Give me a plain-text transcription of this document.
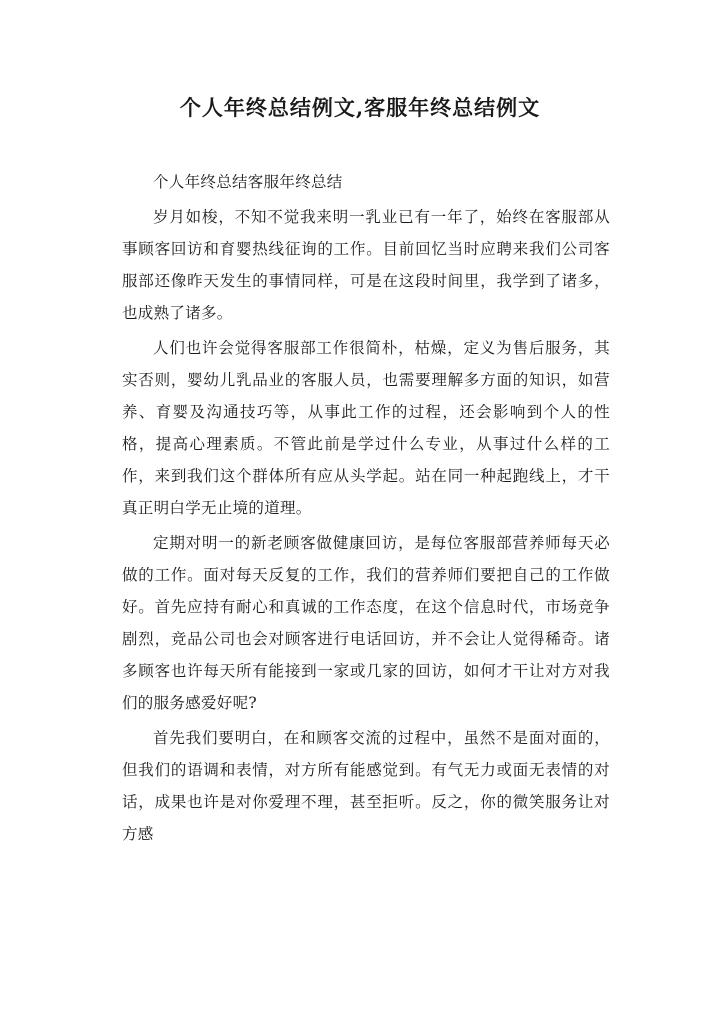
个人年终总结例文,客服年终总结例文

个人年终总结客服年终总结

岁月如梭，不知不觉我来明一乳业已有一年了，始终在客服部从事顾客回访和育婴热线征询的工作。目前回忆当时应聘来我们公司客服部还像昨天发生的事情同样，可是在这段时间里，我学到了诸多，也成熟了诸多。

人们也许会觉得客服部工作很简朴，枯燥，定义为售后服务，其实否则，婴幼儿乳品业的客服人员，也需要理解多方面的知识，如营养、育婴及沟通技巧等，从事此工作的过程，还会影响到个人的性格，提高心理素质。不管此前是学过什么专业，从事过什么样的工作，来到我们这个群体所有应从头学起。站在同一种起跑线上，才干真正明白学无止境的道理。

定期对明一的新老顾客做健康回访，是每位客服部营养师每天必做的工作。面对每天反复的工作，我们的营养师们要把自己的工作做好。首先应持有耐心和真诚的工作态度，在这个信息时代，市场竞争剧烈，竞品公司也会对顾客进行电话回访，并不会让人觉得稀奇。诸多顾客也许每天所有能接到一家或几家的回访，如何才干让对方对我们的服务感爱好呢?

首先我们要明白，在和顾客交流的过程中，虽然不是面对面的，但我们的语调和表情，对方所有能感觉到。有气无力或面无表情的对话，成果也许是对你爱理不理，甚至拒听。反之，你的微笑服务让对方感
